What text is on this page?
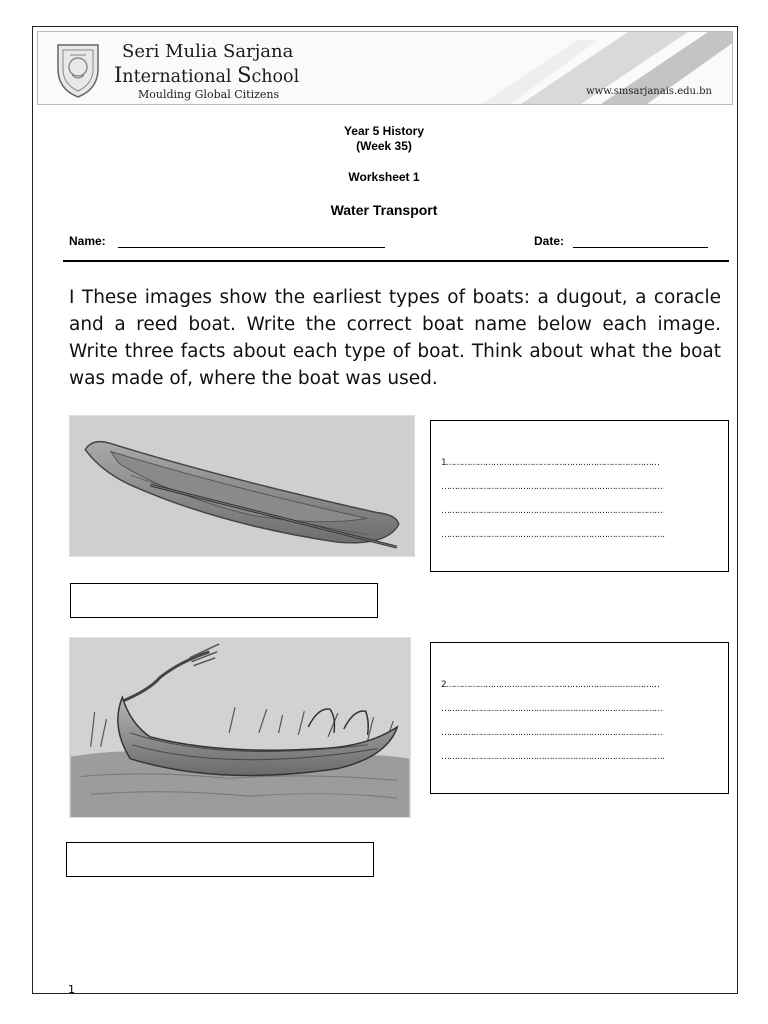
Seri Mulia Sarjana
International School
Moulding Global Citizens	www.smsarjanais.edu.bn
Year 5 History
(Week 35)
Worksheet 1
Water Transport
Name:	Date:
I These images show the earliest types of boats: a dugout, a coracle and a reed boat. Write the correct boat name below each image. Write three facts about each type of boat. Think about what the boat was made of, where the boat was used.
1………………………………………………………………………
…………………………………………………………………………
…………………………………………………………………………
………………………………………………………………………….
2………………………………………………………………………
…………………………………………………………………………
…………………………………………………………………………
………………………………………………………………………….
1
